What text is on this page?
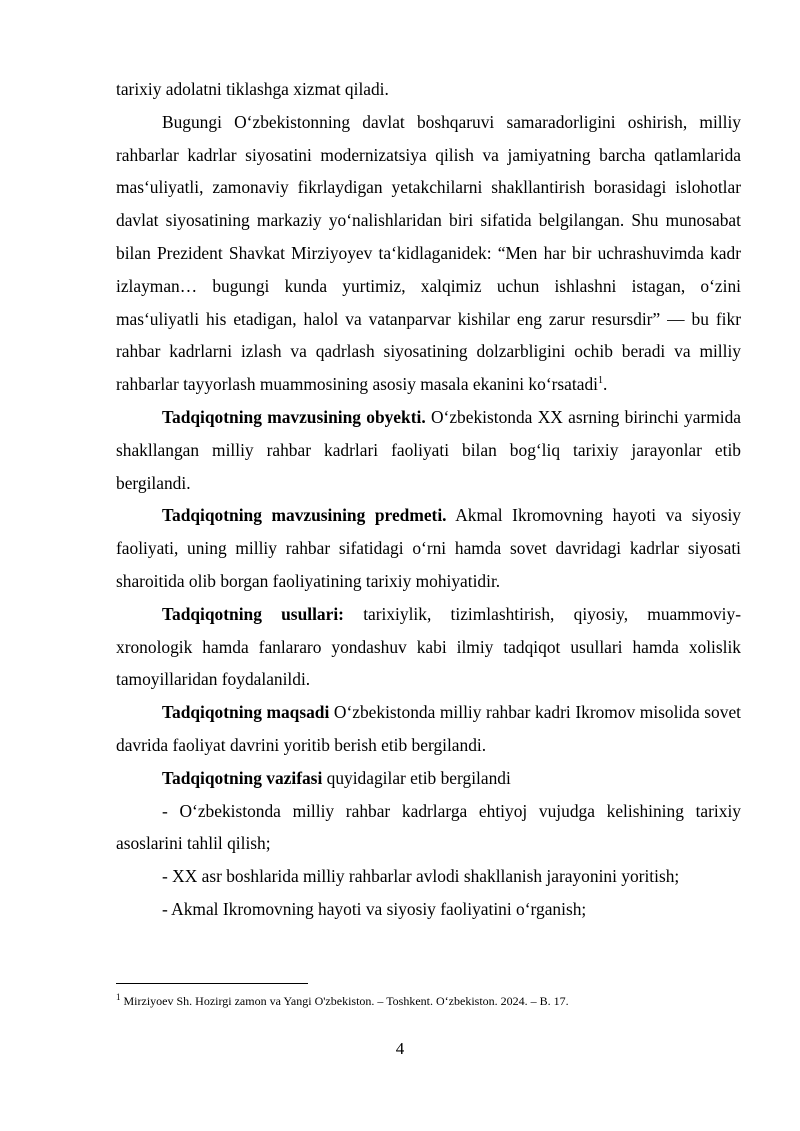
tarixiy adolatni tiklashga xizmat qiladi.

Bugungi O‘zbekistonning davlat boshqaruvi samaradorligini oshirish, milliy rahbarlar kadrlar siyosatini modernizatsiya qilish va jamiyatning barcha qatlamlarida mas‘uliyatli, zamonaviy fikrlaydigan yetakchilarni shakllantirish borasidagi islohotlar davlat siyosatining markaziy yo‘nalishlaridan biri sifatida belgilangan. Shu munosabat bilan Prezident Shavkat Mirziyoyev ta‘kidlaganidek: “Men har bir uchrashuvimda kadr izlayman… bugungi kunda yurtimiz, xalqimiz uchun ishlashni istagan, o‘zini mas‘uliyatli his etadigan, halol va vatanparvar kishilar eng zarur resursdir” — bu fikr rahbar kadrlarni izlash va qadrlash siyosatining dolzarbligini ochib beradi va milliy rahbarlar tayyorlash muammosining asosiy masala ekanini ko‘rsatadi$^1$.

Tadqiqotning mavzusining obyekti. O‘zbekistonda XX asrning birinchi yarmida shakllangan milliy rahbar kadrlari faoliyati bilan bog‘liq tarixiy jarayonlar etib bergilandi.

Tadqiqotning mavzusining predmeti. Akmal Ikromovning hayoti va siyosiy faoliyati, uning milliy rahbar sifatidagi o‘rni hamda sovet davridagi kadrlar siyosati sharoitida olib borgan faoliyatining tarixiy mohiyatidir.

Tadqiqotning usullari: tarixiylik, tizimlashtirish, qiyosiy, muammoviy-xronologik hamda fanlararo yondashuv kabi ilmiy tadqiqot usullari hamda xolislik tamoyillaridan foydalanildi.

Tadqiqotning maqsadi O‘zbekistonda milliy rahbar kadri Ikromov misolida sovet davrida faoliyat davrini yoritib berish etib bergilandi.

Tadqiqotning vazifasi quyidagilar etib bergilandi

- O‘zbekistonda milliy rahbar kadrlarga ehtiyoj vujudga kelishining tarixiy asoslarini tahlil qilish;

- XX asr boshlarida milliy rahbarlar avlodi shakllanish jarayonini yoritish;

- Akmal Ikromovning hayoti va siyosiy faoliyatini o‘rganish;

$^1$ Mirziyoev Sh. Hozirgi zamon va Yangi O'zbekiston. – Toshkent. O‘zbekiston. 2024. – B. 17.
4
